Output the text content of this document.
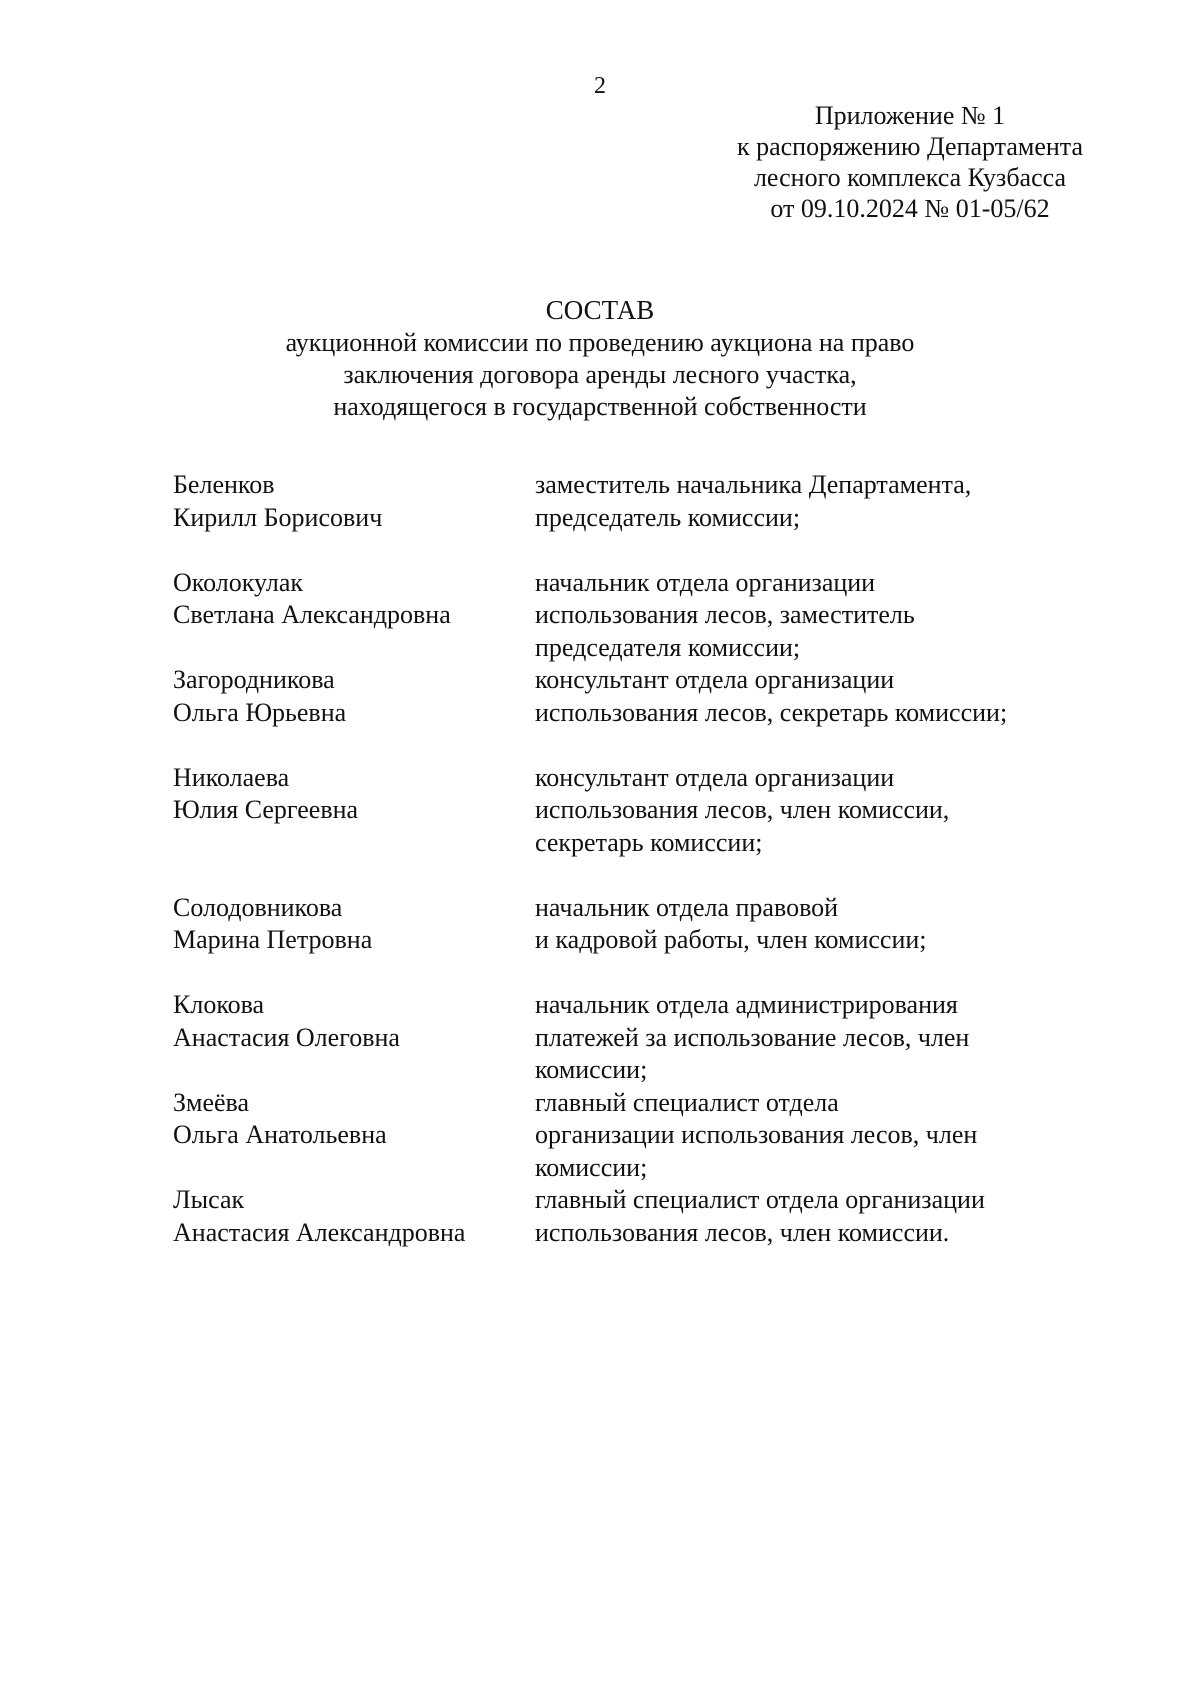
2
Приложение № 1
к распоряжению Департамента
лесного комплекса Кузбасса
от 09.10.2024 № 01-05/62
СОСТАВ
аукционной комиссии по проведению аукциона на право
заключения договора аренды лесного участка,
находящегося в государственной собственности
Беленков
Кирилл Борисович
заместитель начальника Департамента,
председатель комиссии;
Околокулак
Светлана Александровна
начальник отдела организации
использования лесов, заместитель
председателя комиссии;
Загородникова
Ольга Юрьевна
консультант отдела организации
использования лесов, секретарь комиссии;
Николаева
Юлия Сергеевна
консультант отдела организации
использования лесов, член комиссии,
секретарь комиссии;
Солодовникова
Марина Петровна
начальник отдела правовой
и кадровой работы, член комиссии;
Клокова
Анастасия Олеговна
начальник отдела администрирования
платежей за использование лесов, член
комиссии;
Змеёва
Ольга Анатольевна
главный специалист отдела
организации использования лесов, член
комиссии;
Лысак
Анастасия Александровна
главный специалист отдела организации
использования лесов, член комиссии.
